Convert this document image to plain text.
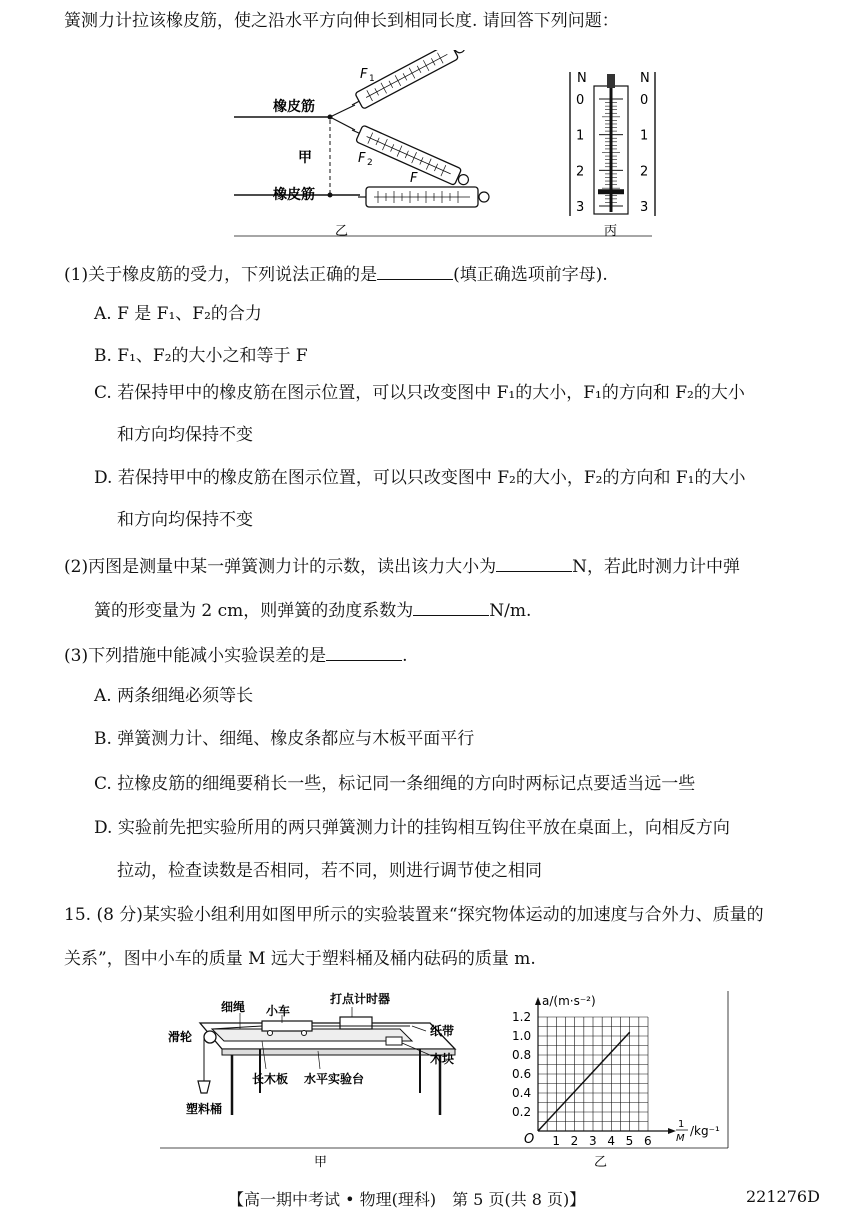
簧测力计拉该橡皮筋，使之沿水平方向伸长到相同长度. 请回答下列问题：
橡皮筋
甲
橡皮筋
F 1
F 2
F
乙	丙
N	N
0	0
1	1
2	2
3	3
(1)关于橡皮筋的受力，下列说法正确的是	(填正确选项前字母).
A. F 是 F₁、F₂的合力
B. F₁、F₂的大小之和等于 F
C. 若保持甲中的橡皮筋在图示位置，可以只改变图中 F₁的大小，F₁的方向和 F₂的大小
和方向均保持不变
D. 若保持甲中的橡皮筋在图示位置，可以只改变图中 F₂的大小，F₂的方向和 F₁的大小
和方向均保持不变
(2)丙图是测量中某一弹簧测力计的示数，读出该力大小为	N，若此时测力计中弹
簧的形变量为 2 cm，则弹簧的劲度系数为	N/m.
(3)下列措施中能减小实验误差的是	.
A. 两条细绳必须等长
B. 弹簧测力计、细绳、橡皮条都应与木板平面平行
C. 拉橡皮筋的细绳要稍长一些，标记同一条细绳的方向时两标记点要适当远一些
D. 实验前先把实验所用的两只弹簧测力计的挂钩相互钩住平放在桌面上，向相反方向
拉动，检查读数是否相同，若不同，则进行调节使之相同
15. (8 分)某实验小组利用如图甲所示的实验装置来“探究物体运动的加速度与合外力、质量的
关系”，图中小车的质量 M 远大于塑料桶及桶内砝码的质量 m.
细绳 小车
打点计时器
滑轮	纸带
木块
塑料桶
长木板 水平实验台
甲	乙
1 2 3 4 5 6
0.2
0.4
0.6
0.8
1.0
1.2
O
a/(m·s⁻²)
1
M
/kg⁻¹
【高一期中考试 • 物理(理科)　第 5 页(共 8 页)】	221276D
